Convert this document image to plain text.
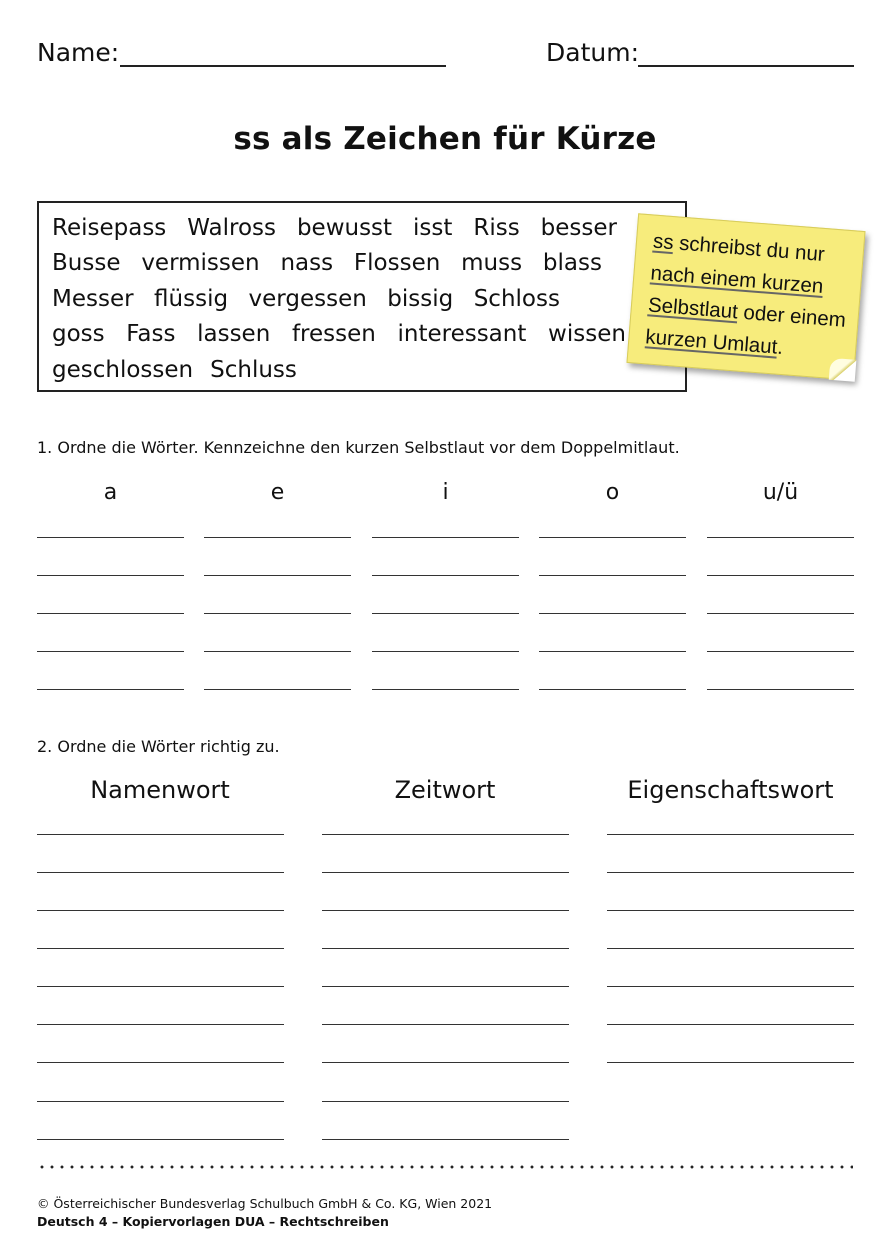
Name:	Datum:
ss als Zeichen für Kürze
Reisepass Walross bewusst isst Riss besser
Busse vermissen nass Flossen muss blass
Messer flüssig vergessen bissig Schloss
goss Fass lassen fressen interessant wissen
geschlossen Schluss
ss schreibst du nur
nach einem kurzen
Selbstlaut oder einem
kurzen Umlaut.
1. Ordne die Wörter. Kennzeichne den kurzen Selbstlaut vor dem Doppelmitlaut.
a	e	i	o	u/ü
2. Ordne die Wörter richtig zu.
Namenwort	Zeitwort	Eigenschaftswort
© Österreichischer Bundesverlag Schulbuch GmbH & Co. KG, Wien 2021
Deutsch 4 – Kopiervorlagen DUA – Rechtschreiben
